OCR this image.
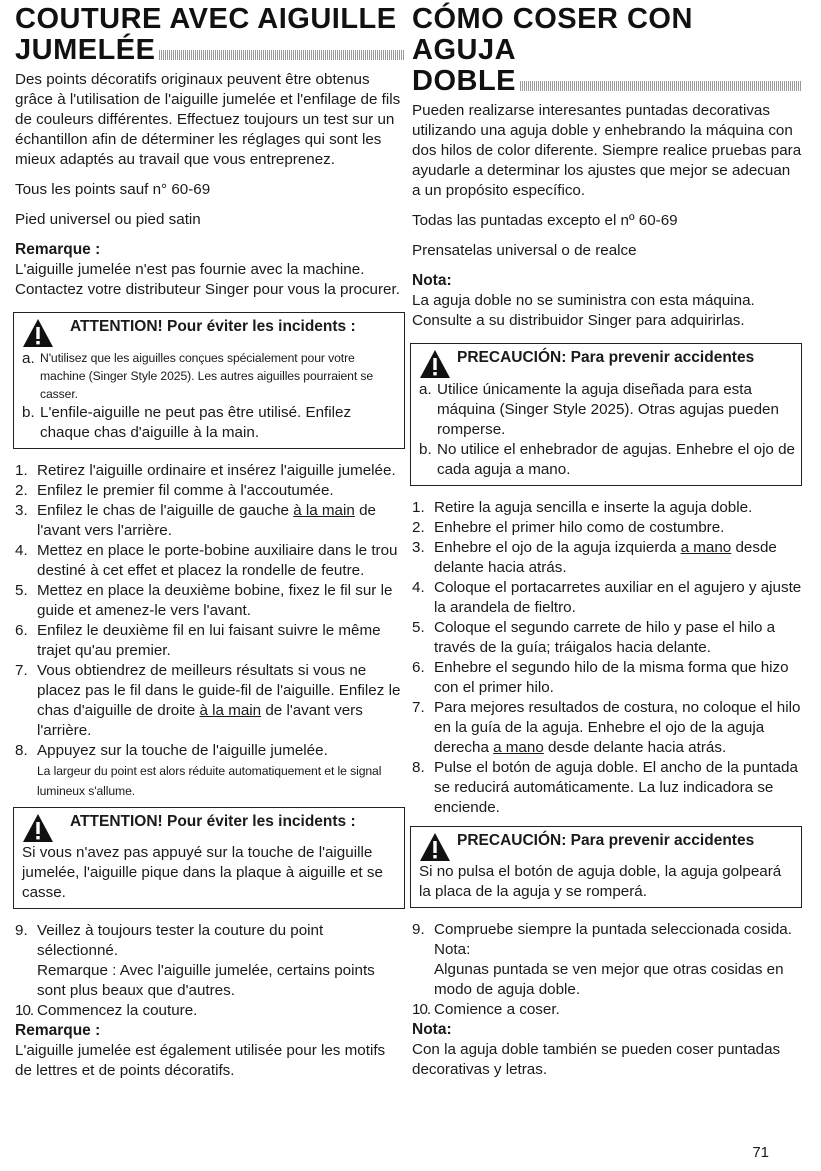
COUTURE AVEC AIGUILLE
JUMELÉE

Des points décoratifs originaux peuvent être obtenus grâce à l'utilisation de l'aiguille jumelée et l'enfilage de fils de couleurs différentes. Effectuez toujours un test sur un échantillon afin de déterminer les réglages qui sont les mieux adaptés au travail que vous entreprenez.

Tous les points sauf n° 60-69

Pied universel ou pied satin

Remarque :

L'aiguille jumelée n'est pas fournie avec la machine. Contactez votre distributeur Singer pour vous la procurer.

ATTENTION! Pour éviter les incidents :
a. N'utilisez que les aiguilles conçues spécialement pour votre machine (Singer Style 2025). Les autres aiguilles pourraient se casser.
b. L'enfile-aiguille ne peut pas être utilisé. Enfilez chaque chas d'aiguille à la main.
1. Retirez l'aiguille ordinaire et insérez l'aiguille jumelée.
2. Enfilez le premier fil comme à l'accoutumée.
3. Enfilez le chas de l'aiguille de gauche à la main de l'avant vers l'arrière.
4. Mettez en place le porte-bobine auxiliaire dans le trou destiné à cet effet et placez la rondelle de feutre.
5. Mettez en place la deuxième bobine, fixez le fil sur le guide et amenez-le vers l'avant.
6. Enfilez le deuxième fil en lui faisant suivre le même trajet qu'au premier.
7. Vous obtiendrez de meilleurs résultats si vous ne placez pas le fil dans le guide-fil de l'aiguille. Enfilez le chas d'aiguille de droite à la main de l'avant vers l'arrière.
8. Appuyez sur la touche de l'aiguille jumelée.
La largeur du point est alors réduite automatiquement et le signal lumineux s'allume.
ATTENTION! Pour éviter les incidents :

Si vous n'avez pas appuyé sur la touche de l'aiguille jumelée, l'aiguille pique dans la plaque à aiguille et se casse.

9. Veillez à toujours tester la couture du point sélectionné.
Remarque : Avec l'aiguille jumelée, certains points sont plus beaux que d'autres.
10. Commencez la couture.

Remarque :

L'aiguille jumelée est également utilisée pour les motifs de lettres et de points décoratifs.

CÓMO COSER CON AGUJA
DOBLE

Pueden realizarse interesantes puntadas decorativas utilizando una aguja doble y enhebrando la máquina con dos hilos de color diferente. Siempre realice pruebas para ayudarle a determinar los ajustes que mejor se adecuan a un propósito específico.

Todas las puntadas excepto el nº 60-69

Prensatelas universal o de realce

Nota:

La aguja doble no se suministra con esta máquina.

Consulte a su distribuidor Singer para adquirirlas.

PRECAUCIÓN: Para prevenir accidentes
a. Utilice únicamente la aguja diseñada para esta máquina (Singer Style 2025). Otras agujas pueden romperse.
b. No utilice el enhebrador de agujas. Enhebre el ojo de cada aguja a mano.
1. Retire la aguja sencilla e inserte la aguja doble.
2. Enhebre el primer hilo como de costumbre.
3. Enhebre el ojo de la aguja izquierda a mano desde delante hacia atrás.
4. Coloque el portacarretes auxiliar en el agujero y ajuste la arandela de fieltro.
5. Coloque el segundo carrete de hilo y pase el hilo a través de la guía; tráigalos hacia delante.
6. Enhebre el segundo hilo de la misma forma que hizo con el primer hilo.
7. Para mejores resultados de costura, no coloque el hilo en la guía de la aguja. Enhebre el ojo de la aguja derecha a mano desde delante hacia atrás.
8. Pulse el botón de aguja doble. El ancho de la puntada se reducirá automáticamente. La luz indicadora se enciende.
PRECAUCIÓN: Para prevenir accidentes

Si no pulsa el botón de aguja doble, la aguja golpeará la placa de la aguja y se romperá.

9. Compruebe siempre la puntada seleccionada cosida.
Nota:
Algunas puntada se ven mejor que otras cosidas en modo de aguja doble.
10. Comience a coser.

Nota:

Con la aguja doble también se pueden coser puntadas decorativas y letras.

71
